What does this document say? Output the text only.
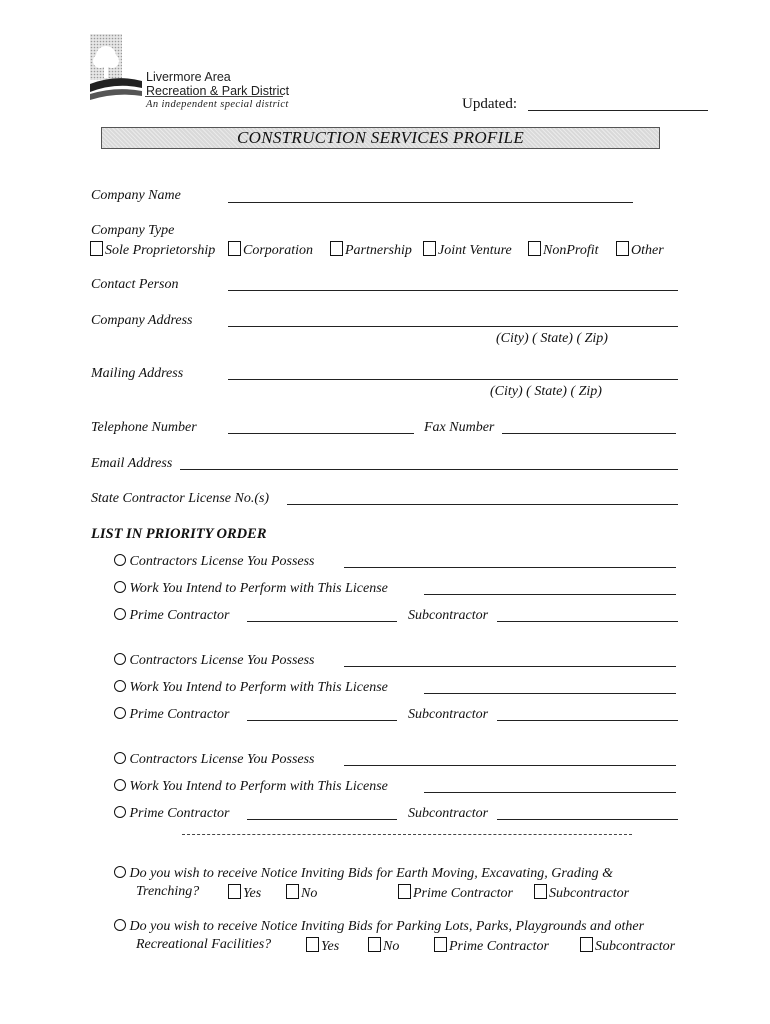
Livermore Area
Recreation & Park District
An independent special district	Updated:
CONSTRUCTION SERVICES PROFILE
Company Name
Company Type
Sole Proprietorship	Corporation	Partnership	Joint Venture	NonProfit	Other
Contact Person
Company Address
(City) ( State) ( Zip)
Mailing Address
(City) ( State) ( Zip)
Telephone Number	Fax Number
Email Address
State Contractor License No.(s)
LIST IN PRIORITY ORDER
Contractors License You Possess
Work You Intend to Perform with This License
Prime Contractor	Subcontractor
Contractors License You Possess
Work You Intend to Perform with This License
Prime Contractor	Subcontractor
Contractors License You Possess
Work You Intend to Perform with This License
Prime Contractor	Subcontractor
Do you wish to receive Notice Inviting Bids for Earth Moving, Excavating, Grading &
Trenching?	Yes	No	Prime Contractor	Subcontractor
Do you wish to receive Notice Inviting Bids for Parking Lots, Parks, Playgrounds and other
Recreational Facilities?	Yes	No	Prime Contractor	Subcontractor
